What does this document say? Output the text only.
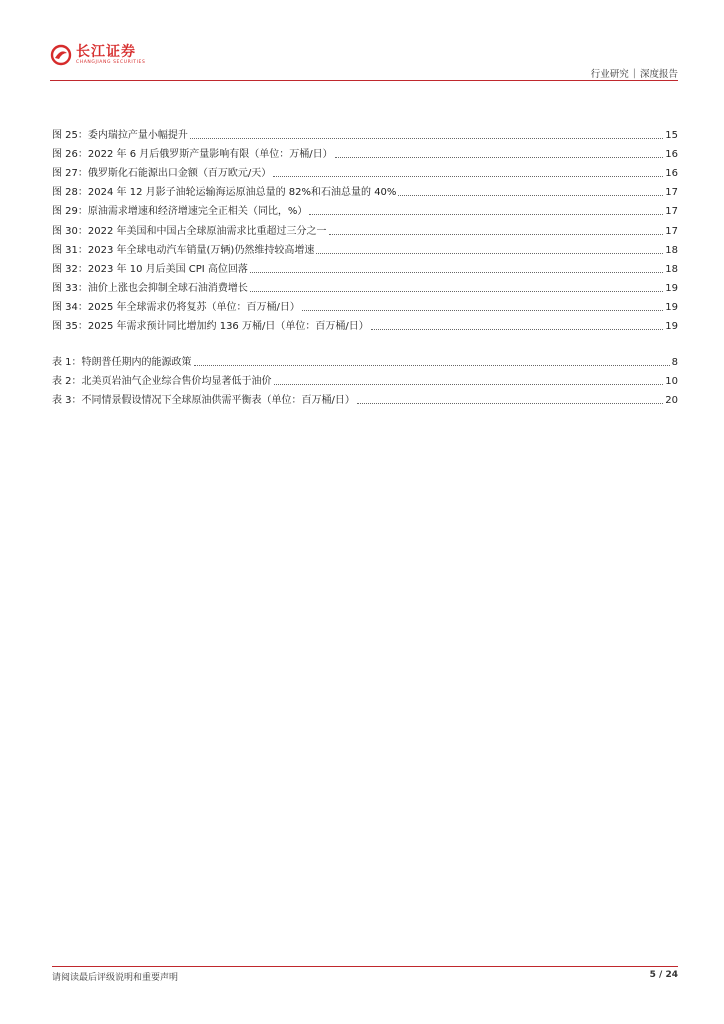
长江证券
CHANGJIANG SECURITIES
行业研究 | 深度报告
图 25：委内瑞拉产量小幅提升	15
图 26：2022 年 6 月后俄罗斯产量影响有限（单位：万桶/日）	16
图 27：俄罗斯化石能源出口金额（百万欧元/天）	16
图 28：2024 年 12 月影子油轮运输海运原油总量的 82%和石油总量的 40%	17
图 29：原油需求增速和经济增速完全正相关（同比，%）	17
图 30：2022 年美国和中国占全球原油需求比重超过三分之一	17
图 31：2023 年全球电动汽车销量(万辆)仍然维持较高增速	18
图 32：2023 年 10 月后美国 CPI 高位回落	18
图 33：油价上涨也会抑制全球石油消费增长	19
图 34：2025 年全球需求仍将复苏（单位：百万桶/日）	19
图 35：2025 年需求预计同比增加约 136 万桶/日（单位：百万桶/日）	19
表 1：特朗普任期内的能源政策	8
表 2：北美页岩油气企业综合售价均显著低于油价	10
表 3：不同情景假设情况下全球原油供需平衡表（单位：百万桶/日）	20
请阅读最后评级说明和重要声明	5 / 24
